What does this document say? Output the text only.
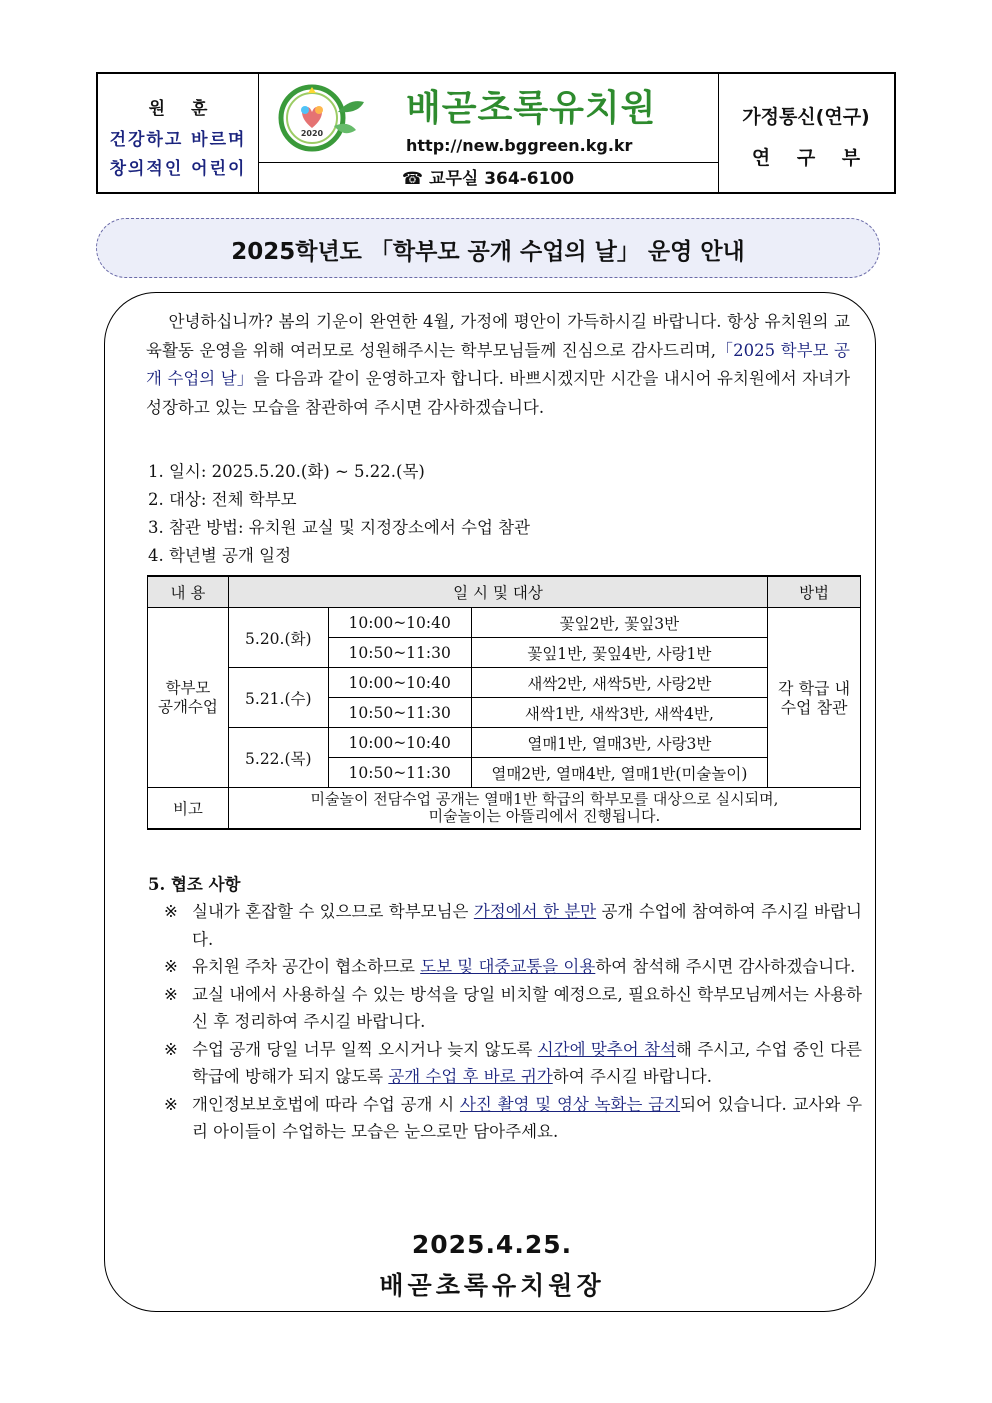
원훈
건강하고 바르며
창의적인 어린이
2020
배곧초록유치원
http://new.bggreen.kg.kr
☎ 교무실 364-6100
가정통신(연구)
연 구 부
2025학년도 「학부모 공개 수업의 날」 운영 안내
안녕하십니까? 봄의 기운이 완연한 4월, 가정에 평안이 가득하시길 바랍니다. 항상 유치원의 교육활동 운영을 위해 여러모로 성원해주시는 학부모님들께 진심으로 감사드리며,「2025 학부모 공개 수업의 날」을 다음과 같이 운영하고자 합니다. 바쁘시겠지만 시간을 내시어 유치원에서 자녀가 성장하고 있는 모습을 참관하여 주시면 감사하겠습니다.
1. 일시: 2025.5.20.(화) ~ 5.22.(목)
2. 대상: 전체 학부모
3. 참관 방법: 유치원 교실 및 지정장소에서 수업 참관
4. 학년별 공개 일정
내 용	일 시 및 대상			방법
학부모
공개수업	5.20.(화)	10:00~10:40	꽃잎2반, 꽃잎3반	각 학급 내
수업 참관
		10:50~11:30	꽃잎1반, 꽃잎4반, 사랑1반	
	5.21.(수)	10:00~10:40	새싹2반, 새싹5반, 사랑2반	
		10:50~11:30	새싹1반, 새싹3반, 새싹4반,	
	5.22.(목)	10:00~10:40	열매1반, 열매3반, 사랑3반	
		10:50~11:30	열매2반, 열매4반, 열매1반(미술놀이)	
비고	미술놀이 전담수업 공개는 열매1반 학급의 학부모를 대상으로 실시되며,
미술놀이는 아뜰리에서 진행됩니다.			
5. 협조 사항
※ 실내가 혼잡할 수 있으므로 학부모님은 가정에서 한 분만 공개 수업에 참여하여 주시길 바랍니다.
※ 유치원 주차 공간이 협소하므로 도보 및 대중교통을 이용하여 참석해 주시면 감사하겠습니다.
※ 교실 내에서 사용하실 수 있는 방석을 당일 비치할 예정으로, 필요하신 학부모님께서는 사용하신 후 정리하여 주시길 바랍니다.
※ 수업 공개 당일 너무 일찍 오시거나 늦지 않도록 시간에 맞추어 참석해 주시고, 수업 중인 다른 학급에 방해가 되지 않도록 공개 수업 후 바로 귀가하여 주시길 바랍니다.
※ 개인정보보호법에 따라 수업 공개 시 사진 촬영 및 영상 녹화는 금지되어 있습니다. 교사와 우리 아이들이 수업하는 모습은 눈으로만 담아주세요.
2025.4.25.
배곧초록유치원장
